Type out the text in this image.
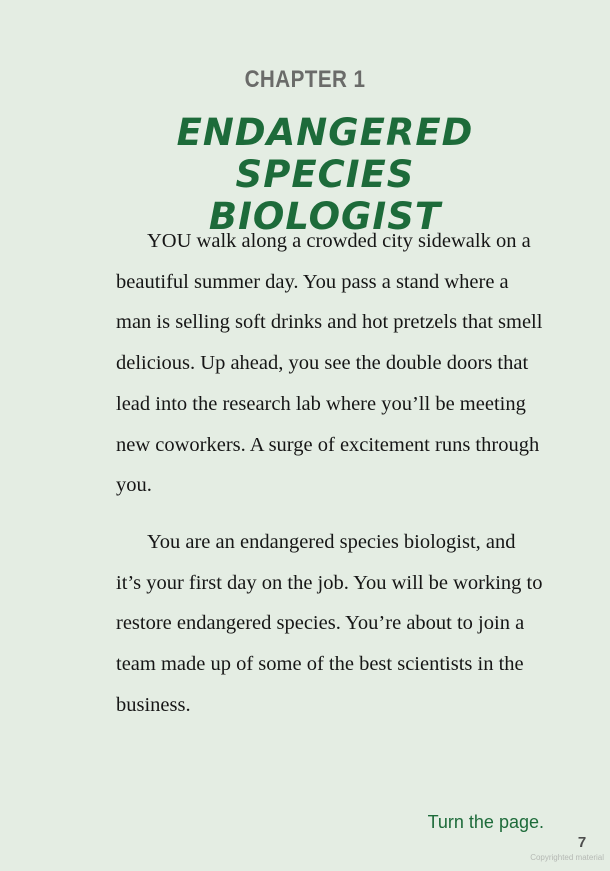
CHAPTER 1
ENDANGERED SPECIES
BIOLOGIST

YOU walk along a crowded city sidewalk on a beautiful summer day. You pass a stand where a man is selling soft drinks and hot pretzels that smell delicious. Up ahead, you see the double doors that lead into the research lab where you’ll be meeting new coworkers. A surge of excitement runs through you.

You are an endangered species biologist, and it’s your first day on the job. You will be working to restore endangered species. You’re about to join a team made up of some of the best scientists in the business.

Turn the page.
7
Copyrighted material
